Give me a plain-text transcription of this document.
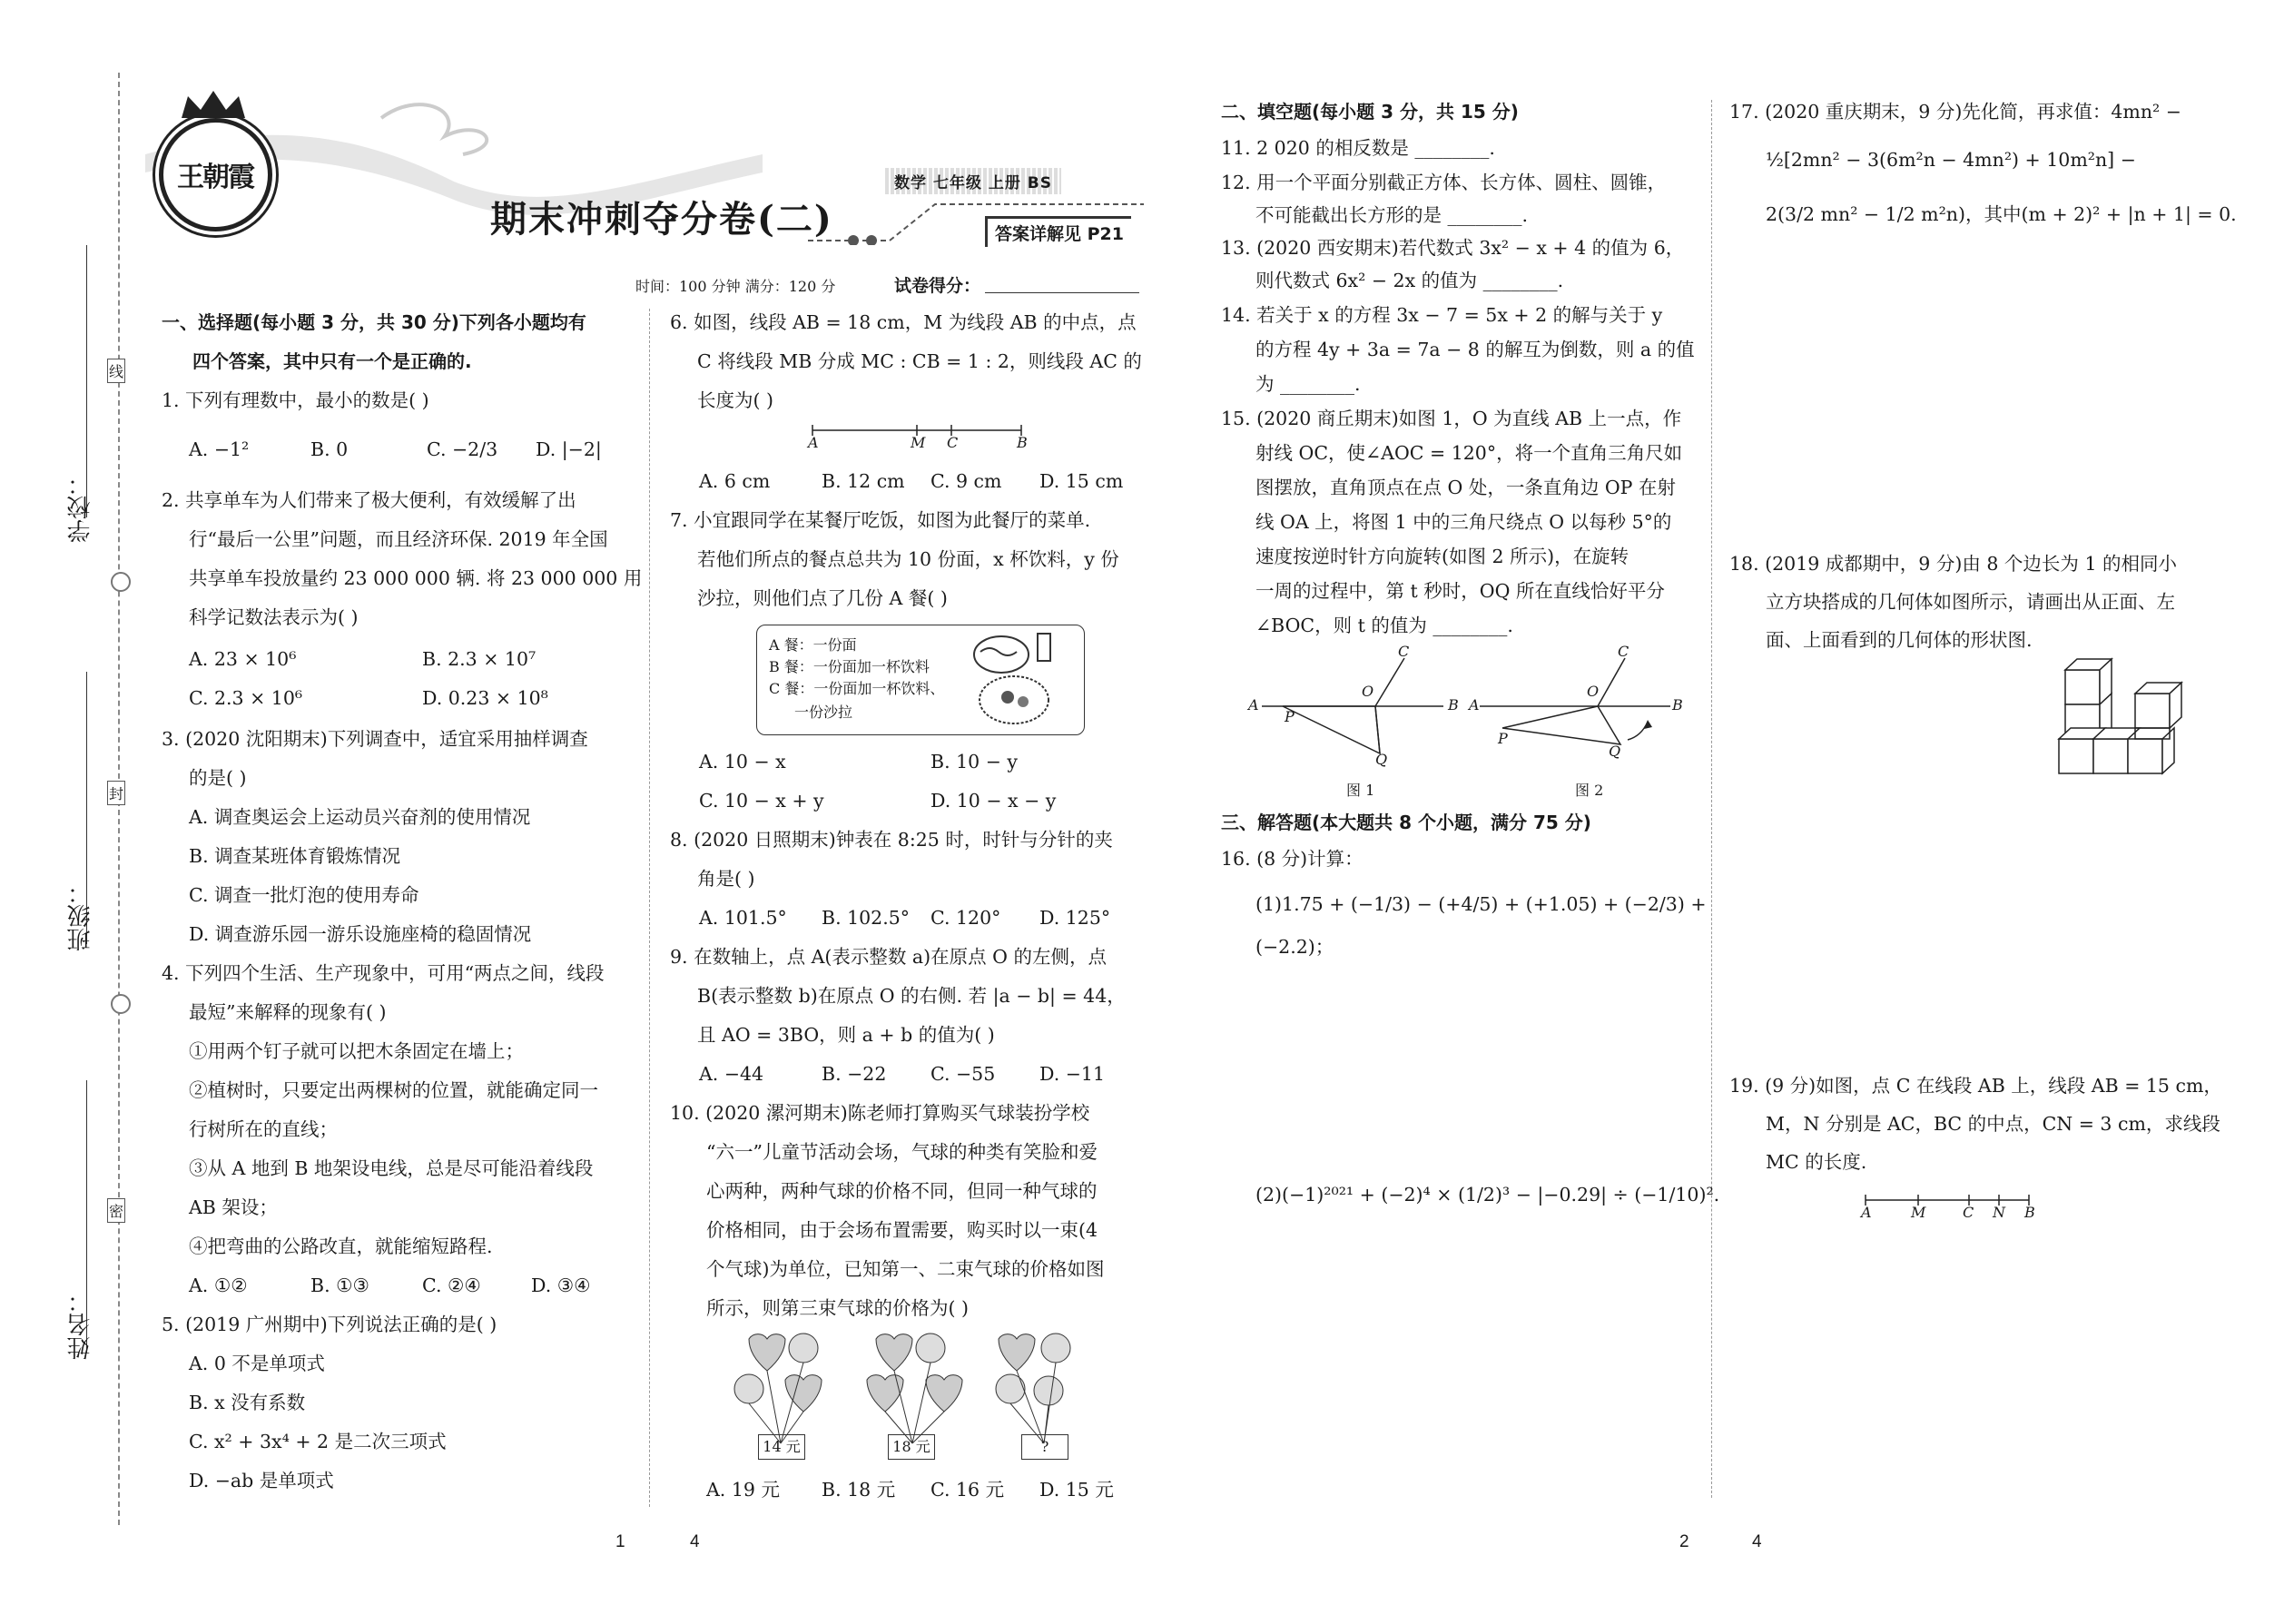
学校：
班级：
姓名：
线
封
密
王朝霞	数学 七年级 上册 BS
期末冲刺夺分卷(二)	答案详解见 P21
时间：100 分钟 满分：120 分	试卷得分：
一、选择题(每小题 3 分，共 30 分)下列各小题均有
四个答案，其中只有一个是正确的.
1. 下列有理数中，最小的数是( )
A. −1²	B. 0	C. −2/3 D. |−2|
2. 共享单车为人们带来了极大便利，有效缓解了出
行“最后一公里”问题，而且经济环保. 2019 年全国
共享单车投放量约 23 000 000 辆. 将 23 000 000 用
科学记数法表示为( )
A. 23 × 10⁶	B. 2.3 × 10⁷
C. 2.3 × 10⁶	D. 0.23 × 10⁸
3. (2020 沈阳期末)下列调查中，适宜采用抽样调查
的是( )
A. 调查奥运会上运动员兴奋剂的使用情况
B. 调查某班体育锻炼情况
C. 调查一批灯泡的使用寿命
D. 调查游乐园一游乐设施座椅的稳固情况
4. 下列四个生活、生产现象中，可用“两点之间，线段
最短”来解释的现象有( )
①用两个钉子就可以把木条固定在墙上；
②植树时，只要定出两棵树的位置，就能确定同一
行树所在的直线；
③从 A 地到 B 地架设电线，总是尽可能沿着线段
AB 架设；
④把弯曲的公路改直，就能缩短路程.
A. ①②	B. ①③	C. ②④	D. ③④
5. (2019 广州期中)下列说法正确的是( )
A. 0 不是单项式
B. x 没有系数
C. x² + 3x⁴ + 2 是二次三项式
D. −ab 是单项式
6. 如图，线段 AB = 18 cm，M 为线段 AB 的中点，点
C 将线段 MB 分成 MC : CB = 1 : 2，则线段 AC 的
长度为( )
A	M C	B
A. 6 cm	B. 12 cm C. 9 cm D. 15 cm
7. 小宜跟同学在某餐厅吃饭，如图为此餐厅的菜单.
若他们所点的餐点总共为 10 份面，x 杯饮料，y 份
沙拉，则他们点了几份 A 餐( )
A 餐：一份面
B 餐：一份面加一杯饮料
C 餐：一份面加一杯饮料、
一份沙拉
A. 10 − x	B. 10 − y
C. 10 − x + y	D. 10 − x − y
8. (2020 日照期末)钟表在 8:25 时，时针与分针的夹
角是( )
A. 101.5° B. 102.5° C. 120° D. 125°
9. 在数轴上，点 A(表示整数 a)在原点 O 的左侧，点
B(表示整数 b)在原点 O 的右侧. 若 |a − b| = 44，
且 AO = 3BO，则 a + b 的值为( )
A. −44	B. −22 C. −55 D. −11
10. (2020 漯河期末)陈老师打算购买气球装扮学校
“六一”儿童节活动会场，气球的种类有笑脸和爱
心两种，两种气球的价格不同，但同一种气球的
价格相同，由于会场布置需要，购买时以一束(4
个气球)为单位，已知第一、二束气球的价格如图
所示，则第三束气球的价格为( )
14 元	18 元	?
A. 19 元 B. 18 元 C. 16 元 D. 15 元
二、填空题(每小题 3 分，共 15 分)
11. 2 020 的相反数是 ________.
12. 用一个平面分别截正方体、长方体、圆柱、圆锥，
不可能截出长方形的是 ________.
13. (2020 西安期末)若代数式 3x² − x + 4 的值为 6，
则代数式 6x² − 2x 的值为 ________.
14. 若关于 x 的方程 3x − 7 = 5x + 2 的解与关于 y
的方程 4y + 3a = 7a − 8 的解互为倒数，则 a 的值
为 ________.
15. (2020 商丘期末)如图 1，O 为直线 AB 上一点，作
射线 OC，使∠AOC = 120°，将一个直角三角尺如
图摆放，直角顶点在点 O 处，一条直角边 OP 在射
线 OA 上，将图 1 中的三角尺绕点 O 以每秒 5°的
速度按逆时针方向旋转(如图 2 所示)，在旋转
一周的过程中，第 t 秒时，OQ 所在直线恰好平分
∠BOC，则 t 的值为 ________.
C
O
A	B
P
Q
图 1
C
O
A	B
P
Q
图 2
三、解答题(本大题共 8 个小题，满分 75 分)
16. (8 分)计算：
(1)1.75 + (−1/3) − (+4/5) + (+1.05) + (−2/3) +
(−2.2)；
(2)(−1)²⁰²¹ + (−2)⁴ × (1/2)³ − |−0.29| ÷ (−1/10)².
17. (2020 重庆期末，9 分)先化简，再求值：4mn² −
½[2mn² − 3(6m²n − 4mn²) + 10m²n] −
2(3/2 mn² − 1/2 m²n)，其中(m + 2)² + |n + 1| = 0.
18. (2019 成都期中，9 分)由 8 个边长为 1 的相同小
立方块搭成的几何体如图所示，请画出从正面、左
面、上面看到的几何体的形状图.
19. (9 分)如图，点 C 在线段 AB 上，线段 AB = 15 cm，
M，N 分别是 AC，BC 的中点，CN = 3 cm，求线段
MC 的长度.
A	M	C N B
1	4	2	4
